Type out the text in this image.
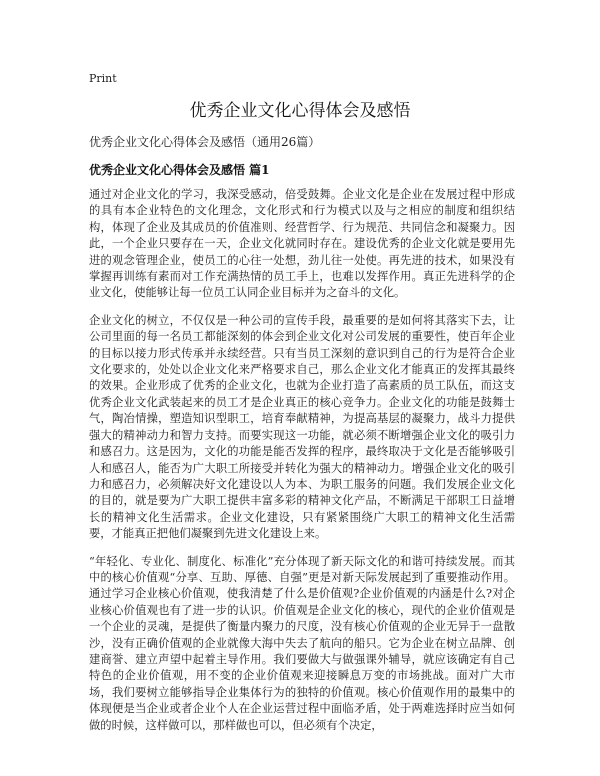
Print
优秀企业文化心得体会及感悟
优秀企业文化心得体会及感悟（通用26篇）
优秀企业文化心得体会及感悟 篇1

通过对企业文化的学习，我深受感动，倍受鼓舞。企业文化是企业在发展过程中形成的具有本企业特色的文化理念，文化形式和行为模式以及与之相应的制度和组织结构，体现了企业及其成员的价值准则、经营哲学、行为规范、共同信念和凝聚力。因此，一个企业只要存在一天，企业文化就同时存在。建设优秀的企业文化就是要用先进的观念管理企业，使员工的心往一处想，劲儿往一处使。再先进的技术，如果没有掌握再训练有素而对工作充满热情的员工手上，也难以发挥作用。真正先进科学的企业文化，使能够让每一位员工认同企业目标并为之奋斗的文化。

企业文化的树立，不仅仅是一种公司的宣传手段，最重要的是如何将其落实下去，让公司里面的每一名员工都能深刻的体会到企业文化对公司发展的重要性，使百年企业的目标以接力形式传承并永续经营。只有当员工深刻的意识到自己的行为是符合企业文化要求的，处处以企业文化来严格要求自己，那么企业文化才能真正的发挥其最终的效果。企业形成了优秀的企业文化，也就为企业打造了高素质的员工队伍，而这支优秀企业文化武装起来的员工才是企业真正的核心竞争力。企业文化的功能是鼓舞士气，陶冶情操，塑造知识型职工，培育奉献精神，为提高基层的凝聚力，战斗力提供强大的精神动力和智力支持。而要实现这一功能，就必须不断增强企业文化的吸引力和感召力。这是因为，文化的功能是能否发挥的程序，最终取决于文化是否能够吸引人和感召人，能否为广大职工所接受并转化为强大的精神动力。增强企业文化的吸引力和感召力，必须解决好文化建设以人为本、为职工服务的问题。我们发展企业文化的目的，就是要为广大职工提供丰富多彩的精神文化产品，不断满足干部职工日益增长的精神文化生活需求。企业文化建设，只有紧紧围绕广大职工的精神文化生活需要，才能真正把他们凝聚到先进文化建设上来。

“年轻化、专业化、制度化、标准化”充分体现了新天际文化的和谐可持续发展。而其中的核心价值观“分享、互助、厚德、自强”更是对新天际发展起到了重要推动作用。通过学习企业核心价值观，使我清楚了什么是价值观?企业价值观的内涵是什么?对企业核心价值观也有了进一步的认识。价值观是企业文化的核心，现代的企业价值观是一个企业的灵魂，是提供了衡量内聚力的尺度，没有核心价值观的企业无异于一盘散沙，没有正确价值观的企业就像大海中失去了航向的船只。它为企业在树立品牌、创建商誉、建立声望中起着主导作用。我们要做大与做强课外辅导，就应该确定有自己特色的企业价值观，用不变的企业价值观来迎接瞬息万变的市场挑战。面对广大市场，我们要树立能够指导企业集体行为的独特的价值观。核心价值观作用的最集中的体现便是当企业或者企业个人在企业运营过程中面临矛盾，处于两难选择时应当如何做的时候，这样做可以，那样做也可以，但必须有个决定，
